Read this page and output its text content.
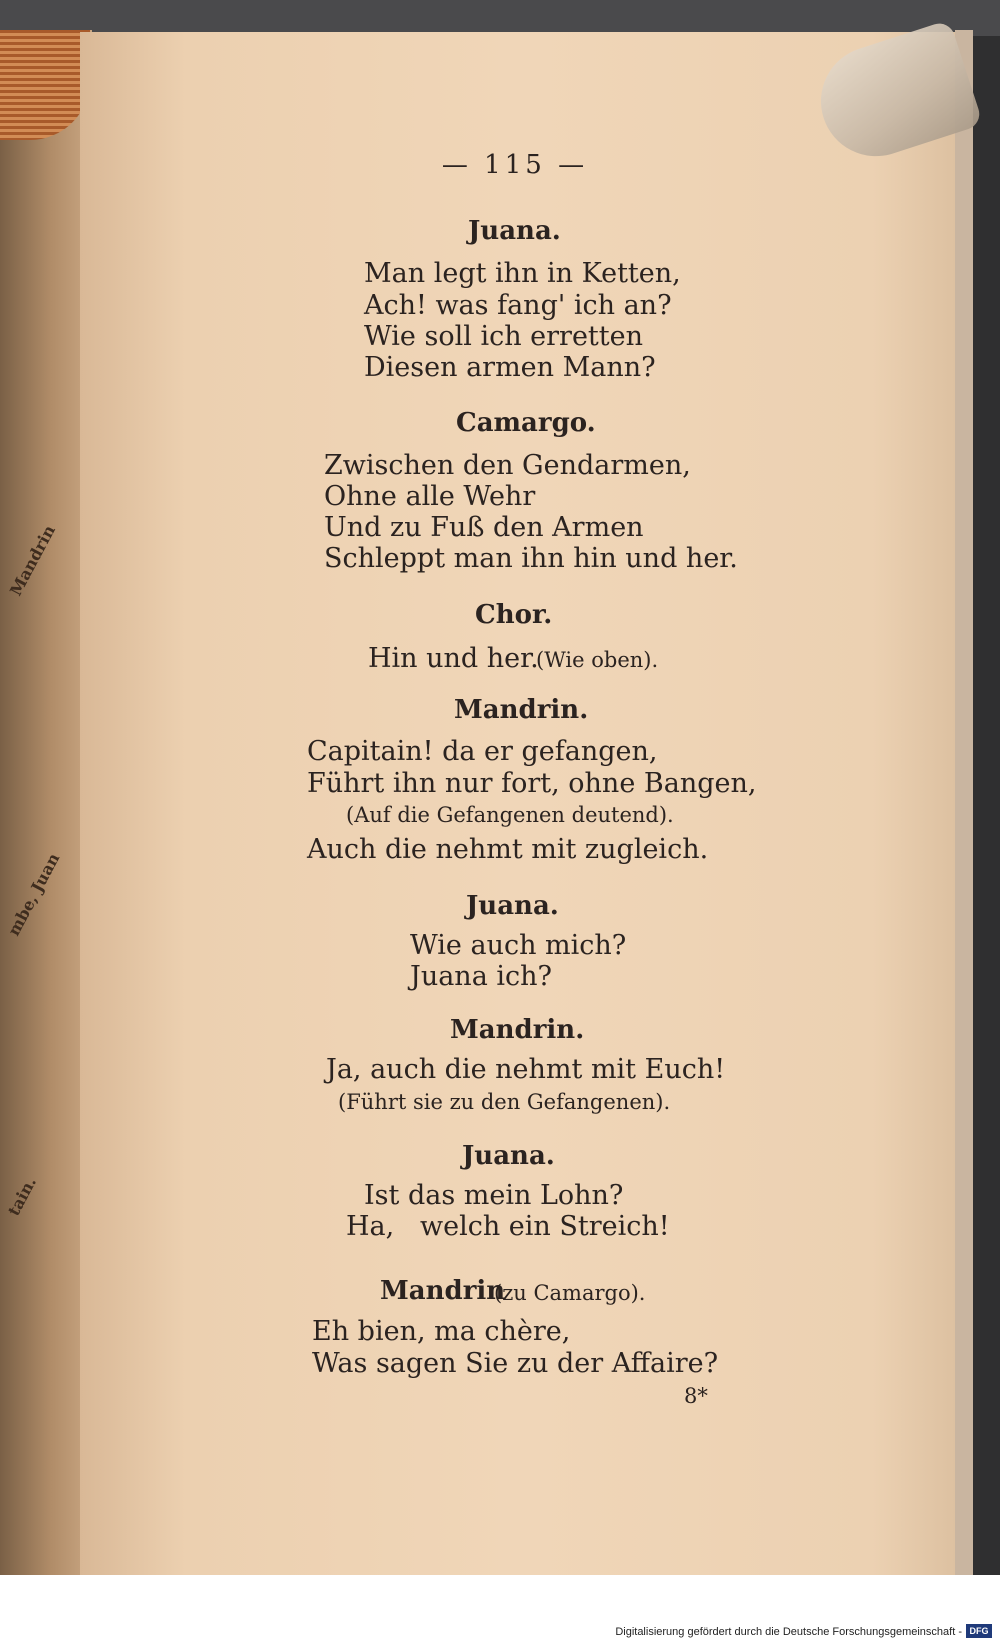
Mandrin
mbe, Juan
tain.
— 115 —
Juana.
Man legt ihn in Ketten,
Ach! was fang' ich an?
Wie soll ich erretten
Diesen armen Mann?
Camargo.
Zwischen den Gendarmen,
Ohne alle Wehr
Und zu Fuß den Armen
Schleppt man ihn hin und her.
Chor.
Hin und her.
(Wie oben).
Mandrin.
Capitain! da er gefangen,
Führt ihn nur fort, ohne Bangen,
(Auf die Gefangenen deutend).
Auch die nehmt mit zugleich.
Juana.
Wie auch mich?
Juana ich?
Mandrin.
Ja, auch die nehmt mit Euch!
(Führt sie zu den Gefangenen).
Juana.
Ist das mein Lohn?
Ha,   welch ein Streich!
Mandrin
(zu Camargo).
Eh bien, ma chère,
Was sagen Sie zu der Affaire?
8*
Digitalisierung gefördert durch die Deutsche Forschungsgemeinschaft - DFG
